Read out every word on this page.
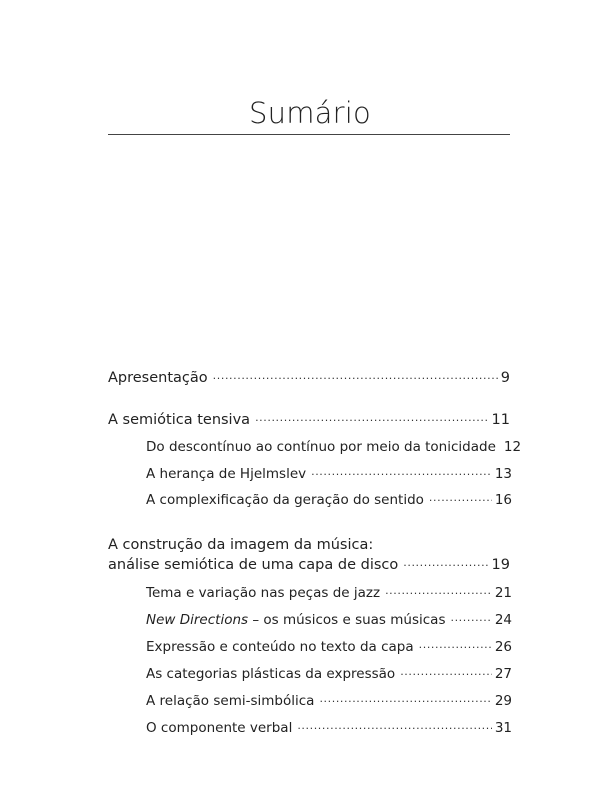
Sumário
Apresentação .....	9
A semiótica tensiva .....	11
Do descontínuo ao contínuo por meio da tonicidade 12
A herança de Hjelmslev .....	13
A complexificação da geração do sentido .....	16
A construção da imagem da música:
análise semiótica de uma capa de disco .....	19
Tema e variação nas peças de jazz .....	21
New Directions – os músicos e suas músicas .....	24
Expressão e conteúdo no texto da capa .....	26
As categorias plásticas da expressão .....	27
A relação semi-simbólica .....	29
O componente verbal .....	31
